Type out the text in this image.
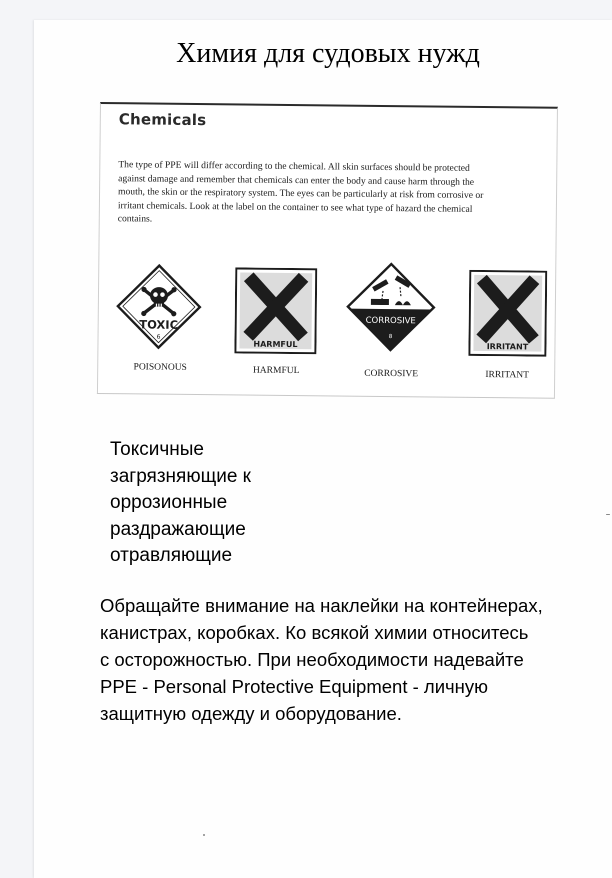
Химия для судовых нужд
Chemicals
The type of PPE will differ according to the chemical. All skin surfaces should be protected
against damage and remember that chemicals can enter the body and cause harm through the
mouth, the skin or the respiratory system. The eyes can be particularly at risk from corrosive or
irritant chemicals. Look at the label on the container to see what type of hazard the chemical
contains.
TOXIC
6
POISONOUS
HARMFUL
HARMFUL
CORROSIVE
8
CORROSIVE
IRRITANT
IRRITANT
Токсичные
загрязняющие к
оррозионные
раздражающие
отравляющие
Обращайте внимание на наклейки на контейнерах,
канистрах, коробках. Ко всякой химии относитесь
с осторожностью. При необходимости надевайте
PPE - Personal Protective Equipment - личную
защитную одежду и оборудование.
